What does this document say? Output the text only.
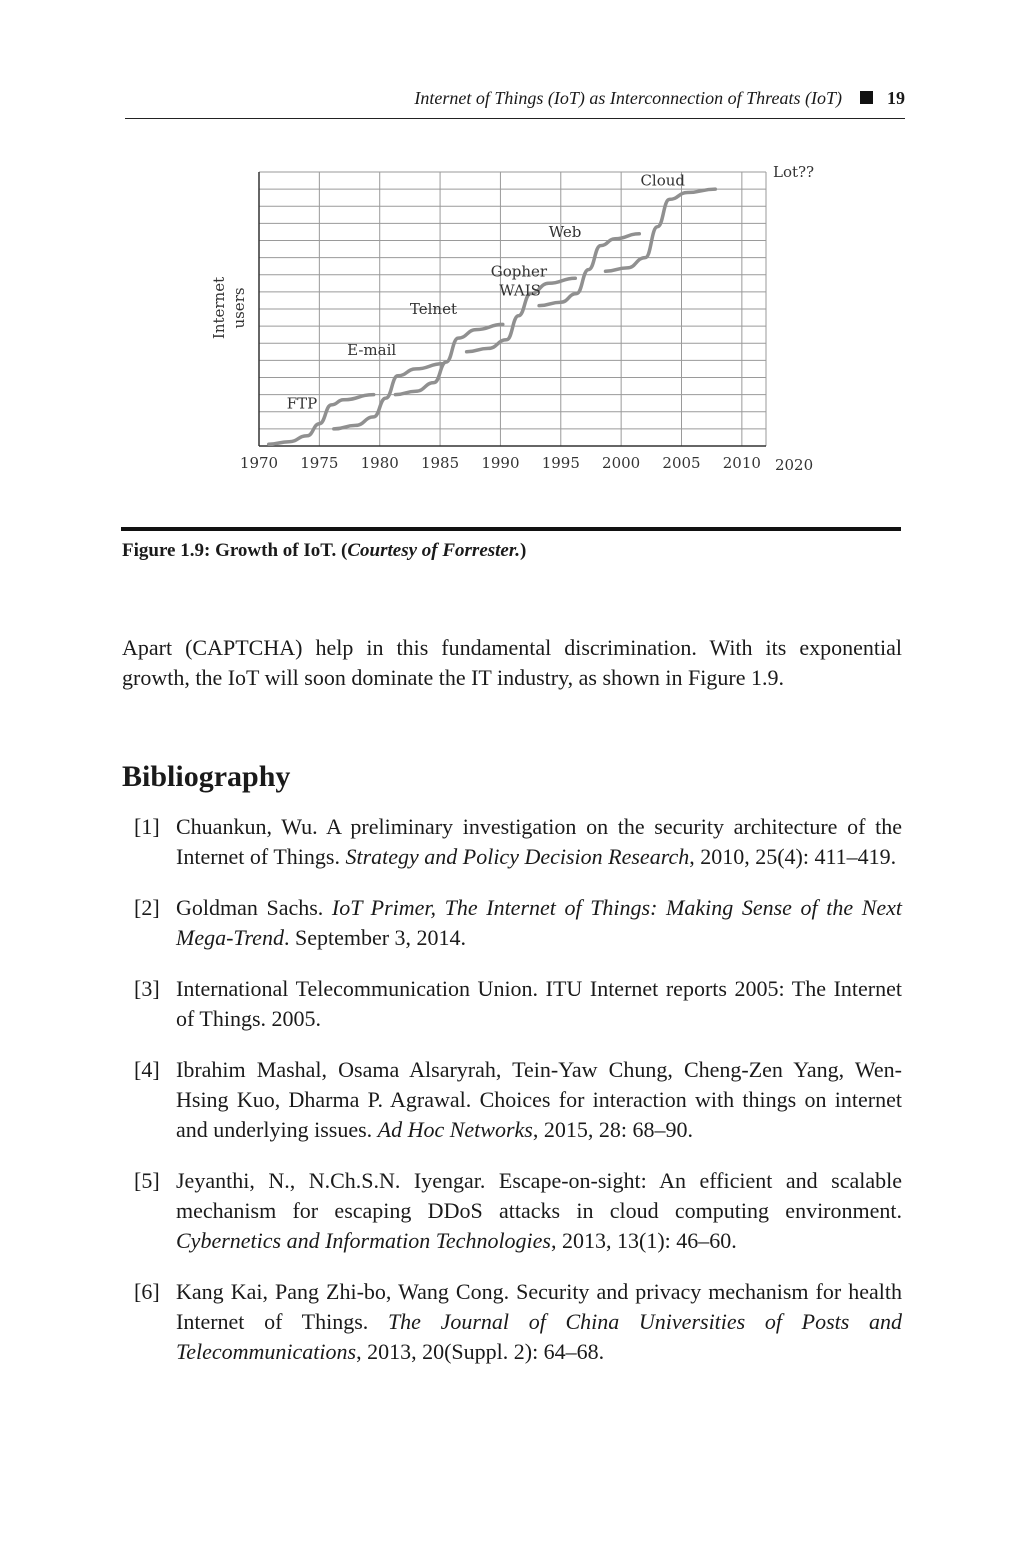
Internet of Things (IoT) as Interconnection of Threats (IoT)	19
1970 1975 1980 1985 1990 1995 2000 2005 2010 2020
Lot??
Internet users
FTP
E-mail
Telnet
Gopher
WAIS
Web
Cloud
Figure 1.9: Growth of IoT. (Courtesy of Forrester.)
Apart (CAPTCHA) help in this fundamental discrimination. With its exponential growth, the IoT will soon dominate the IT industry, as shown in Figure 1.9.
Bibliography
[1] Chuankun, Wu. A preliminary investigation on the security architecture of the Internet of Things. Strategy and Policy Decision Research, 2010, 25(4): 411–419.
[2] Goldman Sachs. IoT Primer, The Internet of Things: Making Sense of the Next Mega-Trend. September 3, 2014.
[3] International Telecommunication Union. ITU Internet reports 2005: The Internet of Things. 2005.
[4] Ibrahim Mashal, Osama Alsaryrah, Tein-Yaw Chung, Cheng-Zen Yang, Wen-Hsing Kuo, Dharma P. Agrawal. Choices for interaction with things on internet and underlying issues. Ad Hoc Networks, 2015, 28: 68–90.
[5] Jeyanthi, N., N.Ch.S.N. Iyengar. Escape-on-sight: An efficient and scalable mechanism for escaping DDoS attacks in cloud computing environment. Cybernetics and Information Technologies, 2013, 13(1): 46–60.
[6] Kang Kai, Pang Zhi-bo, Wang Cong. Security and privacy mechanism for health Internet of Things. The Journal of China Universities of Posts and Telecommunications, 2013, 20(Suppl. 2): 64–68.
